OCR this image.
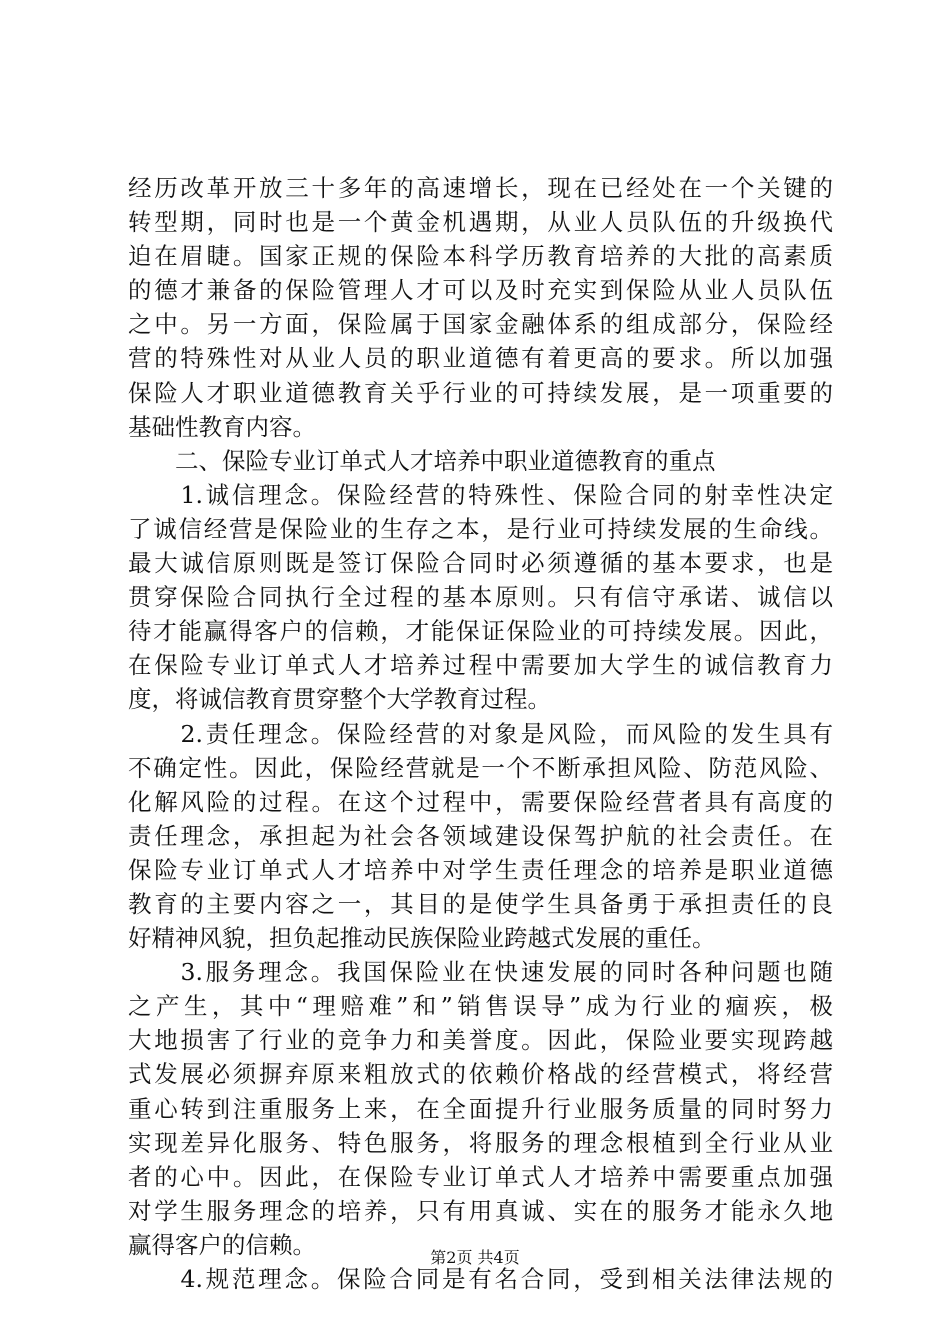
经历改革开放三十多年的高速增长，现在已经处在一个关键的
转型期，同时也是一个黄金机遇期，从业人员队伍的升级换代
迫在眉睫。国家正规的保险本科学历教育培养的大批的高素质
的德才兼备的保险管理人才可以及时充实到保险从业人员队伍
之中。另一方面，保险属于国家金融体系的组成部分，保险经
营的特殊性对从业人员的职业道德有着更高的要求。所以加强
保险人才职业道德教育关乎行业的可持续发展，是一项重要的
基础性教育内容。
　　二、保险专业订单式人才培养中职业道德教育的重点
　　1.诚信理念。保险经营的特殊性、保险合同的射幸性决定
了诚信经营是保险业的生存之本，是行业可持续发展的生命线。
最大诚信原则既是签订保险合同时必须遵循的基本要求，也是
贯穿保险合同执行全过程的基本原则。只有信守承诺、诚信以
待才能赢得客户的信赖，才能保证保险业的可持续发展。因此，
在保险专业订单式人才培养过程中需要加大学生的诚信教育力
度，将诚信教育贯穿整个大学教育过程。
　　2.责任理念。保险经营的对象是风险，而风险的发生具有
不确定性。因此，保险经营就是一个不断承担风险、防范风险、
化解风险的过程。在这个过程中，需要保险经营者具有高度的
责任理念，承担起为社会各领域建设保驾护航的社会责任。在
保险专业订单式人才培养中对学生责任理念的培养是职业道德
教育的主要内容之一，其目的是使学生具备勇于承担责任的良
好精神风貌，担负起推动民族保险业跨越式发展的重任。
　　3.服务理念。我国保险业在快速发展的同时各种问题也随
之产生，其中“理赔难”和”销售误导”成为行业的痼疾，极
大地损害了行业的竞争力和美誉度。因此，保险业要实现跨越
式发展必须摒弃原来粗放式的依赖价格战的经营模式，将经营
重心转到注重服务上来，在全面提升行业服务质量的同时努力
实现差异化服务、特色服务，将服务的理念根植到全行业从业
者的心中。因此，在保险专业订单式人才培养中需要重点加强
对学生服务理念的培养，只有用真诚、实在的服务才能永久地
赢得客户的信赖。
　　4.规范理念。保险合同是有名合同，受到相关法律法规的
第2页 共4页
